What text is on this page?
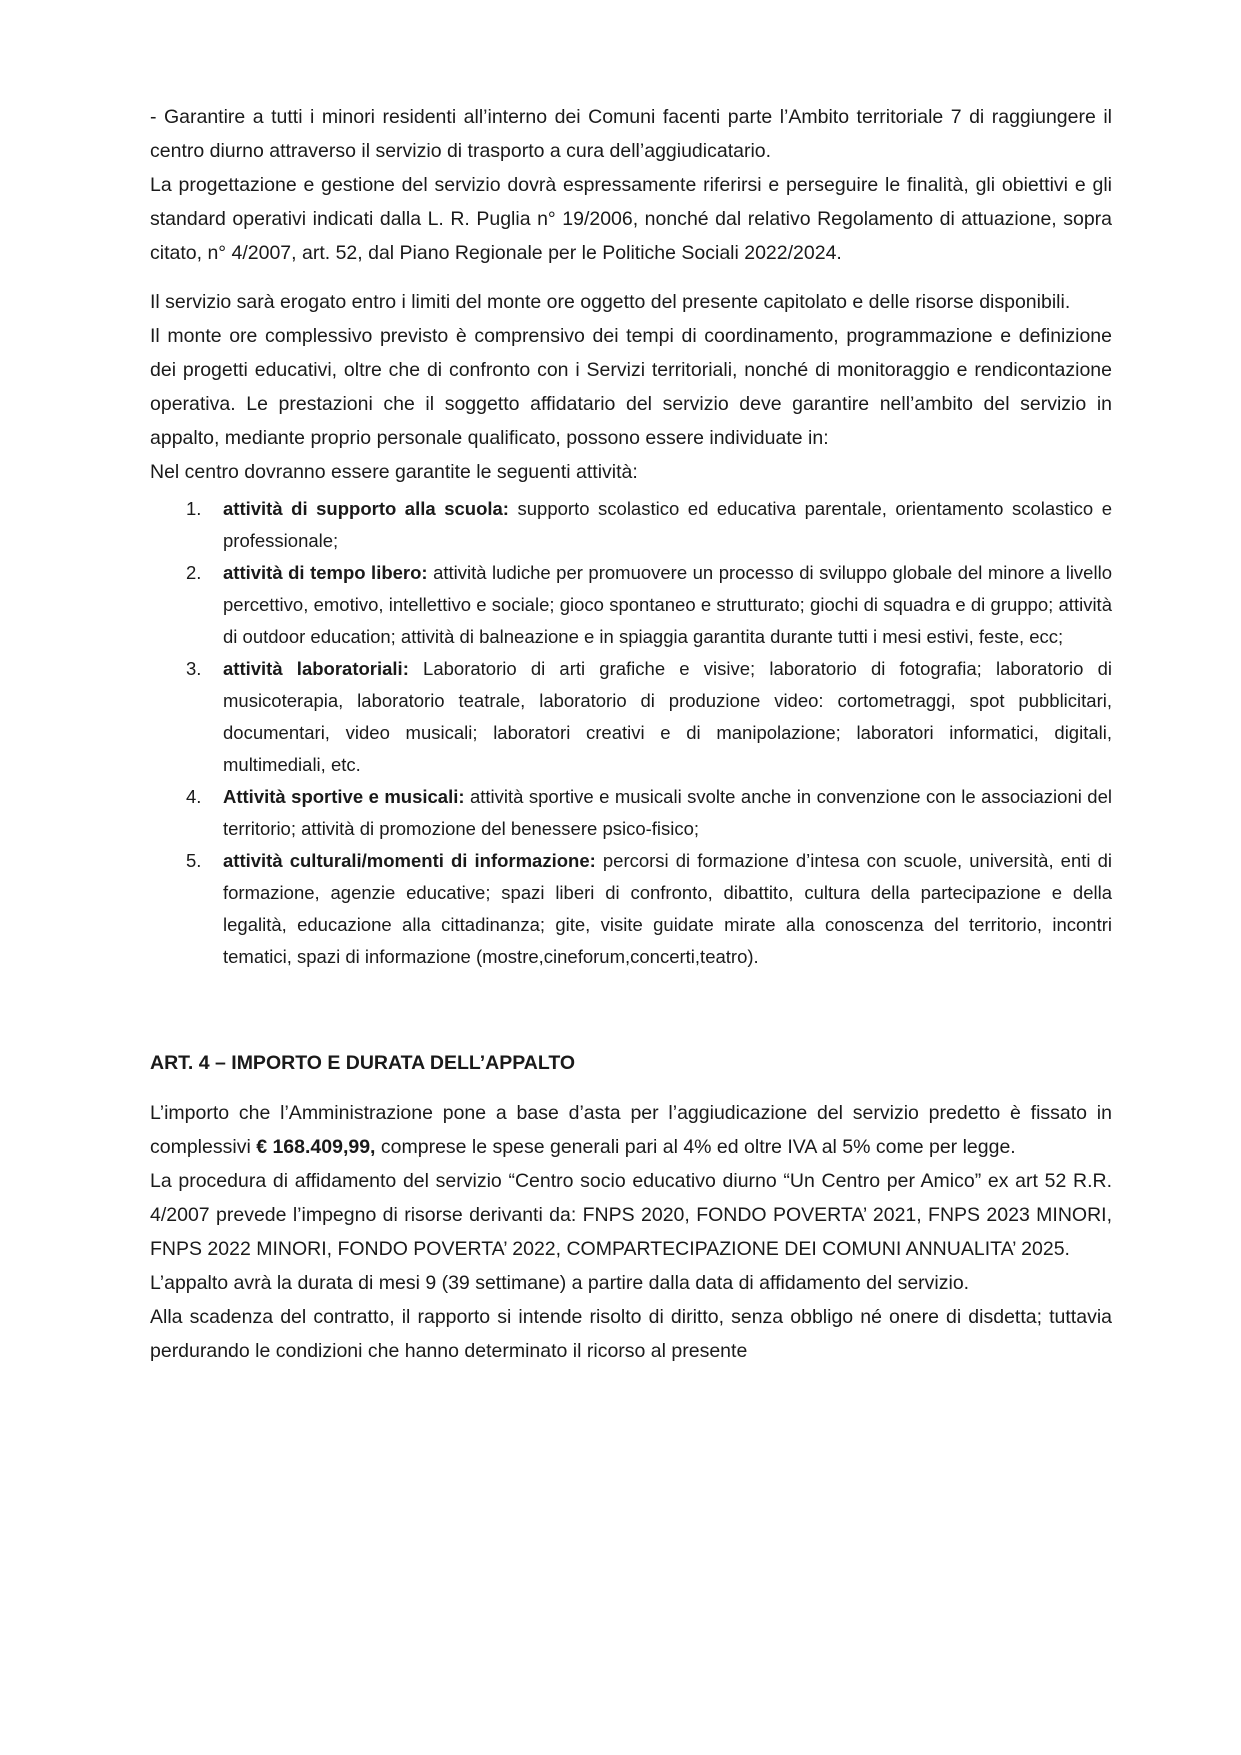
- Garantire a tutti i minori residenti all’interno dei Comuni facenti parte l’Ambito territoriale 7 di raggiungere il centro diurno attraverso il servizio di trasporto a cura dell’aggiudicatario.

La progettazione e gestione del servizio dovrà espressamente riferirsi e perseguire le finalità, gli obiettivi e gli standard operativi indicati dalla L. R. Puglia n° 19/2006, nonché dal relativo Regolamento di attuazione, sopra citato, n° 4/2007, art. 52, dal Piano Regionale per le Politiche Sociali 2022/2024.

Il servizio sarà erogato entro i limiti del monte ore oggetto del presente capitolato e delle risorse disponibili.

Il monte ore complessivo previsto è comprensivo dei tempi di coordinamento, programmazione e definizione dei progetti educativi, oltre che di confronto con i Servizi territoriali, nonché di monitoraggio e rendicontazione operativa. Le prestazioni che il soggetto affidatario del servizio deve garantire nell’ambito del servizio in appalto, mediante proprio personale qualificato, possono essere individuate in:

Nel centro dovranno essere garantite le seguenti attività:

1. attività di supporto alla scuola: supporto scolastico ed educativa parentale, orientamento scolastico e professionale;
2. attività di tempo libero: attività ludiche per promuovere un processo di sviluppo globale del minore a livello percettivo, emotivo, intellettivo e sociale; gioco spontaneo e strutturato; giochi di squadra e di gruppo; attività di outdoor education; attività di balneazione e in spiaggia garantita durante tutti i mesi estivi, feste, ecc;
3. attività laboratoriali: Laboratorio di arti grafiche e visive; laboratorio di fotografia; laboratorio di musicoterapia, laboratorio teatrale, laboratorio di produzione video: cortometraggi, spot pubblicitari, documentari, video musicali; laboratori creativi e di manipolazione; laboratori informatici, digitali, multimediali, etc.
4. Attività sportive e musicali: attività sportive e musicali svolte anche in convenzione con le associazioni del territorio; attività di promozione del benessere psico-fisico;
5. attività culturali/momenti di informazione: percorsi di formazione d’intesa con scuole, università, enti di formazione, agenzie educative; spazi liberi di confronto, dibattito, cultura della partecipazione e della legalità, educazione alla cittadinanza; gite, visite guidate mirate alla conoscenza del territorio, incontri tematici, spazi di informazione (mostre,cineforum,concerti,teatro).
ART. 4 – IMPORTO E DURATA DELL’APPALTO

L’importo che l’Amministrazione pone a base d’asta per l’aggiudicazione del servizio predetto è fissato in complessivi € 168.409,99, comprese le spese generali pari al 4% ed oltre IVA al 5% come per legge.

La procedura di affidamento del servizio “Centro socio educativo diurno “Un Centro per Amico” ex art 52 R.R. 4/2007 prevede l’impegno di risorse derivanti da: FNPS 2020, FONDO POVERTA’ 2021, FNPS 2023 MINORI, FNPS 2022 MINORI, FONDO POVERTA’ 2022, COMPARTECIPAZIONE DEI COMUNI ANNUALITA’ 2025.

L’appalto avrà la durata di mesi 9 (39 settimane) a partire dalla data di affidamento del servizio.

Alla scadenza del contratto, il rapporto si intende risolto di diritto, senza obbligo né onere di disdetta; tuttavia perdurando le condizioni che hanno determinato il ricorso al presente
